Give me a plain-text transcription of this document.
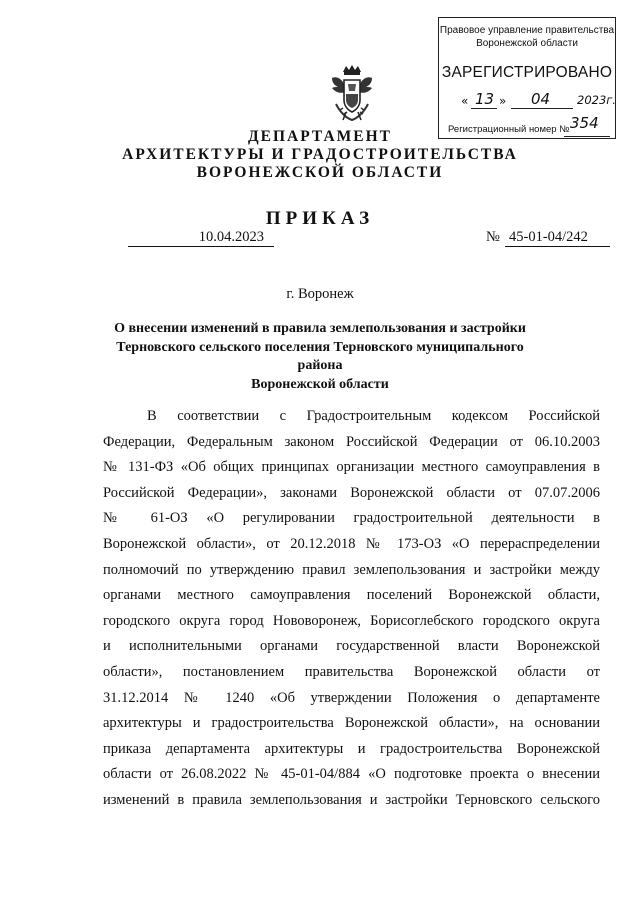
Правовое управление правительства
Воронежской области
ЗАРЕГИСТРИРОВАНО
« 13 » 04 2023г.
Регистрационный номер № 354
ДЕПАРТАМЕНТ
АРХИТЕКТУРЫ И ГРАДОСТРОИТЕЛЬСТВА
ВОРОНЕЖСКОЙ ОБЛАСТИ
ПРИКАЗ
10.04.2023	№ 45-01-04/242
г. Воронеж
О внесении изменений в правила землепользования и застройки
Терновского сельского поселения Терновского муниципального района
Воронежской области
В соответствии с Градостроительным кодексом Российской
Федерации, Федеральным законом Российской Федерации от 06.10.2003
№ 131-ФЗ «Об общих принципах организации местного самоуправления в
Российской Федерации», законами Воронежской области от 07.07.2006
№ 61-ОЗ «О регулировании градостроительной деятельности в
Воронежской области», от 20.12.2018 № 173-ОЗ «О перераспределении
полномочий по утверждению правил землепользования и застройки между
органами местного самоуправления поселений Воронежской области,
городского округа город Нововоронеж, Борисоглебского городского округа
и исполнительными органами государственной власти Воронежской
области», постановлением правительства Воронежской области от
31.12.2014 № 1240 «Об утверждении Положения о департаменте
архитектуры и градостроительства Воронежской области», на основании
приказа департамента архитектуры и градостроительства Воронежской
области от 26.08.2022 № 45-01-04/884 «О подготовке проекта о внесении
изменений в правила землепользования и застройки Терновского сельского
